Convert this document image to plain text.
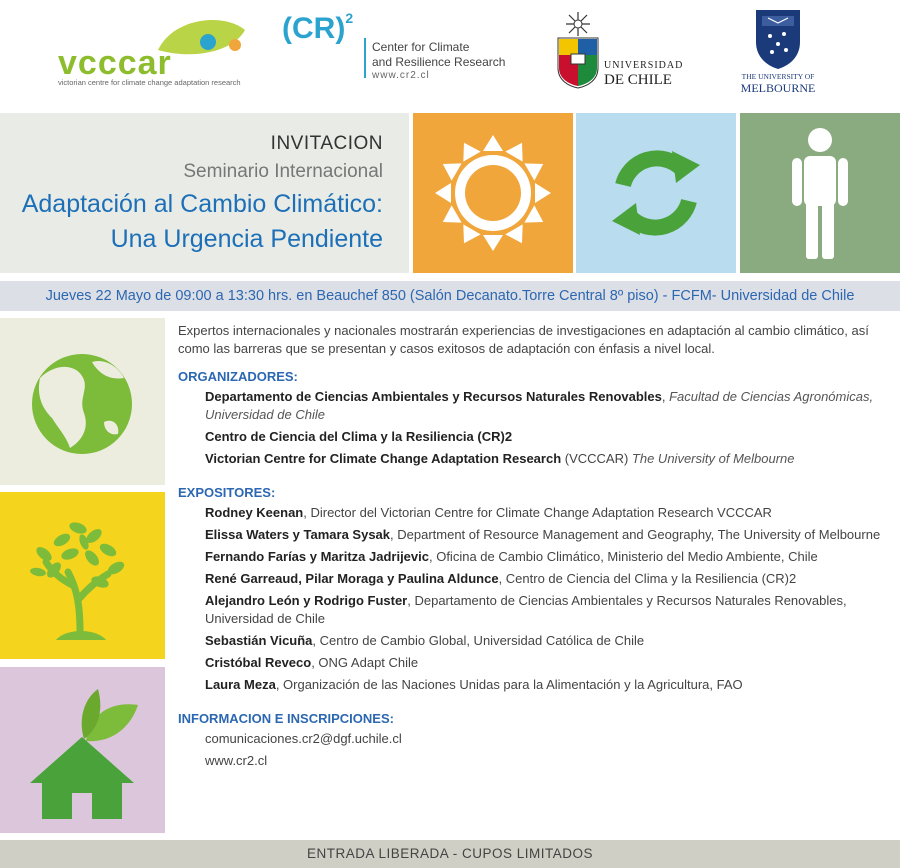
vcccar
victorian centre for climate change adaptation research
(CR)$^2$
Center for Climate
and Resilience Research
www.cr2.cl
UNIVERSIDAD
DE CHILE	THE UNIVERSITY OF
MELBOURNE
INVITACION
Seminario Internacional
Adaptación al Cambio Climático:
Una Urgencia Pendiente
Jueves 22 Mayo de 09:00 a 13:30 hrs. en Beauchef 850 (Salón Decanato.Torre Central 8º piso) - FCFM- Universidad de Chile

Expertos internacionales y nacionales mostrarán experiencias de investigaciones en adaptación al cambio climático, así como las barreras que se presentan y casos exitosos de adaptación con énfasis a nivel local.

ORGANIZADORES:
Departamento de Ciencias Ambientales y Recursos Naturales Renovables, Facultad de Ciencias Agronómicas, Universidad de Chile
Centro de Ciencia del Clima y la Resiliencia (CR)2
Victorian Centre for Climate Change Adaptation Research (VCCCAR) The University of Melbourne
EXPOSITORES:
Rodney Keenan, Director del Victorian Centre for Climate Change Adaptation Research VCCCAR
Elissa Waters y Tamara Sysak, Department of Resource Management and Geography, The University of Melbourne
Fernando Farías y Maritza Jadrijevic, Oficina de Cambio Climático, Ministerio del Medio Ambiente, Chile
René Garreaud, Pilar Moraga y Paulina Aldunce, Centro de Ciencia del Clima y la Resiliencia (CR)2
Alejandro León y Rodrigo Fuster, Departamento de Ciencias Ambientales y Recursos Naturales Renovables, Universidad de Chile
Sebastián Vicuña, Centro de Cambio Global, Universidad Católica de Chile
Cristóbal Reveco, ONG Adapt Chile
Laura Meza, Organización de las Naciones Unidas para la Alimentación y la Agricultura, FAO
INFORMACION E INSCRIPCIONES:
comunicaciones.cr2@dgf.uchile.cl
www.cr2.cl
ENTRADA LIBERADA - CUPOS LIMITADOS
